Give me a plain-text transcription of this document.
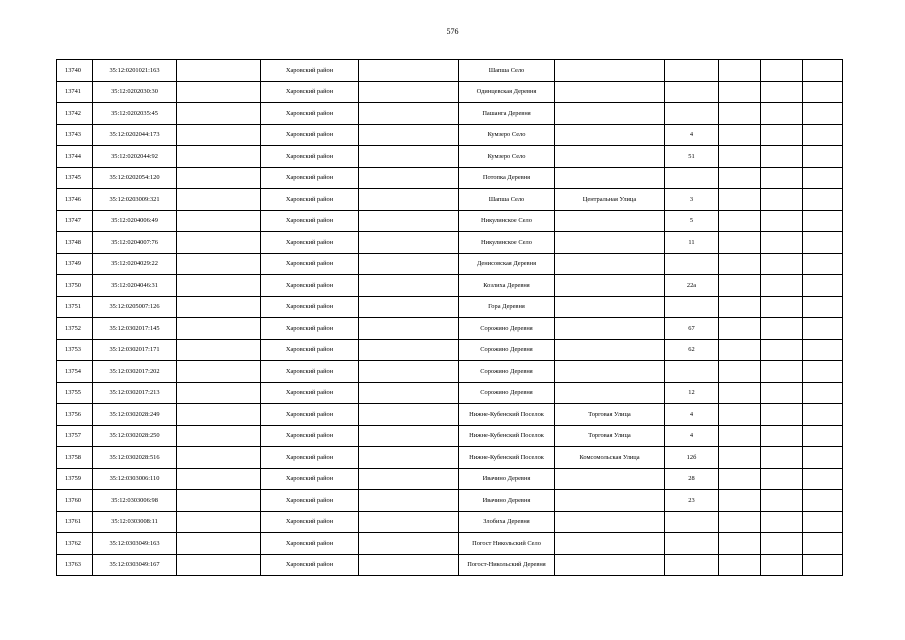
576
13740	35:12:0201021:163		Харовский район		Шапша Село					
13741	35:12:0202030:30		Харовский район		Одинцевская Деревня					
13742	35:12:0202035:45		Харовский район		Пашанга Деревня					
13743	35:12:0202044:173		Харовский район		Кумзеро Село		4			
13744	35:12:0202044:92		Харовский район		Кумзеро Село		51			
13745	35:12:0202054:120		Харовский район		Потопка Деревня					
13746	35:12:0203009:321		Харовский район		Шапша Село	Центральная Улица	3			
13747	35:12:0204006:49		Харовский район		Никулинское Село		5			
13748	35:12:0204007:76		Харовский район		Никулинское Село		11			
13749	35:12:0204029:22		Харовский район		Денисовская Деревня					
13750	35:12:0204046:31		Харовский район		Козлиха Деревня		22а			
13751	35:12:0205007:126		Харовский район		Гора Деревня					
13752	35:12:0302017:145		Харовский район		Сорожино Деревня		67			
13753	35:12:0302017:171		Харовский район		Сорожино Деревня		62			
13754	35:12:0302017:202		Харовский район		Сорожино Деревня					
13755	35:12:0302017:213		Харовский район		Сорожино Деревня		12			
13756	35:12:0302028:249		Харовский район		Нижне-Кубенский Поселок	Торговая Улица	4			
13757	35:12:0302028:250		Харовский район		Нижне-Кубенский Поселок	Торговая Улица	4			
13758	35:12:0302028:516		Харовский район		Нижне-Кубенский Поселок	Комсомольская Улица	12б			
13759	35:12:0303006:110		Харовский район		Ивачино Деревня		28			
13760	35:12:0303006:98		Харовский район		Ивачино Деревня		23			
13761	35:12:0303008:11		Харовский район		Злобиха Деревня					
13762	35:12:0303049:163		Харовский район		Погост Никольский Село					
13763	35:12:0303049:167		Харовский район		Погост-Никольский Деревня					
